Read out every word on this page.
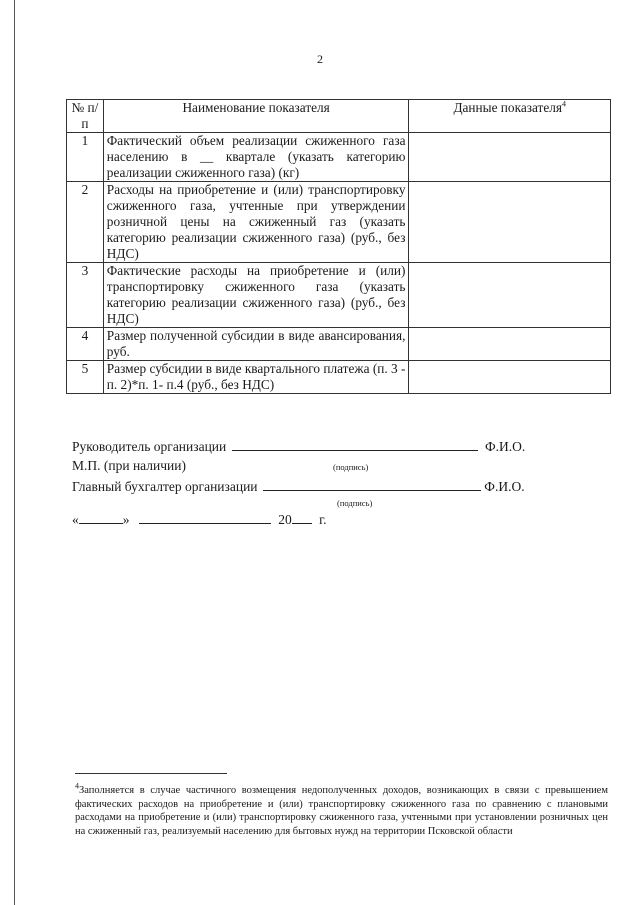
2
№ п/п	Наименование показателя	Данные показателя$^4$
1	Фактический объем реализации сжиженного газа населению в __ квартале (указать категорию реализации сжиженного газа) (кг)	
2	Расходы на приобретение и (или) транспортировку сжиженного газа, учтенные при утверждении розничной цены на сжиженный газ (указать категорию реализации сжиженного газа) (руб., без НДС)	
3	Фактические расходы на приобретение и (или) транспортировку сжиженного газа (указать категорию реализации сжиженного газа) (руб., без НДС)	
4	Размер полученной субсидии в виде авансирования, руб.	
5	Размер субсидии в виде квартального платежа (п. 3 - п. 2)*п. 1- п.4 (руб., без НДС)	
Руководитель организации	Ф.И.О.
М.П. (при наличии)	(подпись)
Главный бухгалтер организации	Ф.И.О.
(подпись)
«	»	20 г.
$^4$Заполняется в случае частичного возмещения недополученных доходов, возникающих в связи с превышением фактических расходов на приобретение и (или) транспортировку сжиженного газа по сравнению с плановыми расходами на приобретение и (или) транспортировку сжиженного газа, учтенными при установлении розничных цен на сжиженный газ, реализуемый населению для бытовых нужд на территории Псковской области
